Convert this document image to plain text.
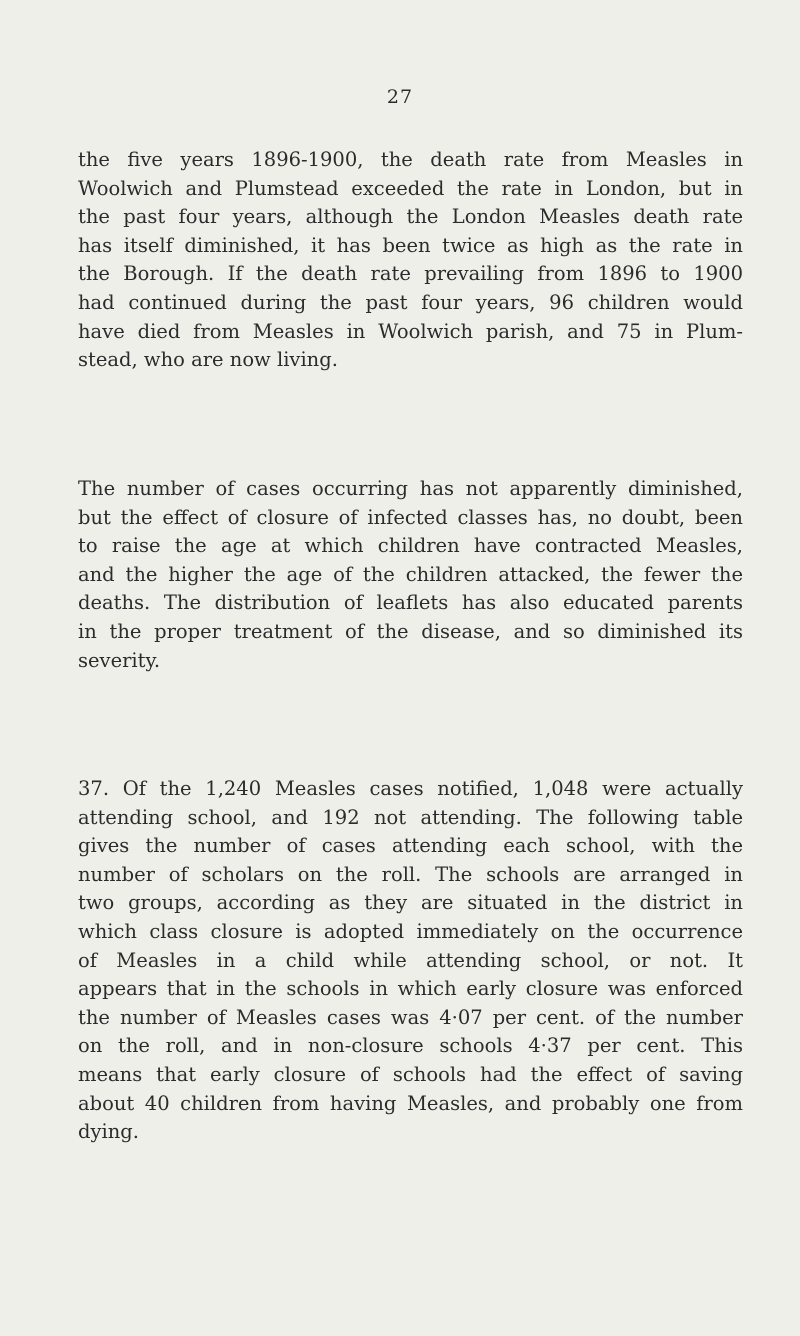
27
the five years 1896-1900, the death rate from Measles in
Woolwich and Plumstead exceeded the rate in London, but in
the past four years, although the London Measles death rate
has itself diminished, it has been twice as high as the rate in
the Borough. If the death rate prevailing from 1896 to 1900
had continued during the past four years, 96 children would
have died from Measles in Woolwich parish, and 75 in Plum-
stead, who are now living.
The number of cases occurring has not apparently diminished,
but the effect of closure of infected classes has, no doubt, been
to raise the age at which children have contracted Measles,
and the higher the age of the children attacked, the fewer the
deaths. The distribution of leaflets has also educated parents
in the proper treatment of the disease, and so diminished its
severity.
37. Of the 1,240 Measles cases notified, 1,048 were actually
attending school, and 192 not attending. The following table
gives the number of cases attending each school, with the
number of scholars on the roll. The schools are arranged in
two groups, according as they are situated in the district in
which class closure is adopted immediately on the occurrence
of Measles in a child while attending school, or not. It
appears that in the schools in which early closure was enforced
the number of Measles cases was 4·07 per cent. of the number
on the roll, and in non-closure schools 4·37 per cent. This
means that early closure of schools had the effect of saving
about 40 children from having Measles, and probably one from
dying.
